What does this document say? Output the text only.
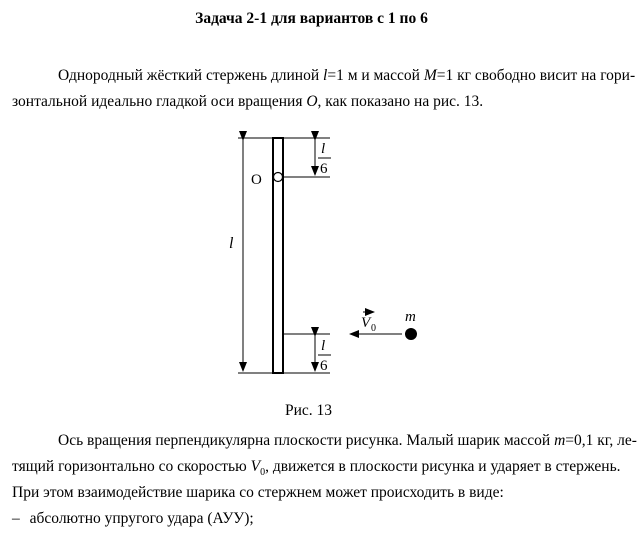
Задача 2-1 для вариантов с 1 по 6
Однородный жёсткий стержень длиной l=1 м и массой M=1 кг свободно висит на гори-
зонтальной идеально гладкой оси вращения O, как показано на рис. 13.
О
l
l
6
l
6
V 0
m
Рис. 13
Ось вращения перпендикулярна плоскости рисунка. Малый шарик массой m=0,1 кг, ле-
тящий горизонтально со скоростью $V_0$, движется в плоскости рисунка и ударяет в стержень.
При этом взаимодействие шарика со стержнем может происходить в виде:
– абсолютно упругого удара (АУУ);
